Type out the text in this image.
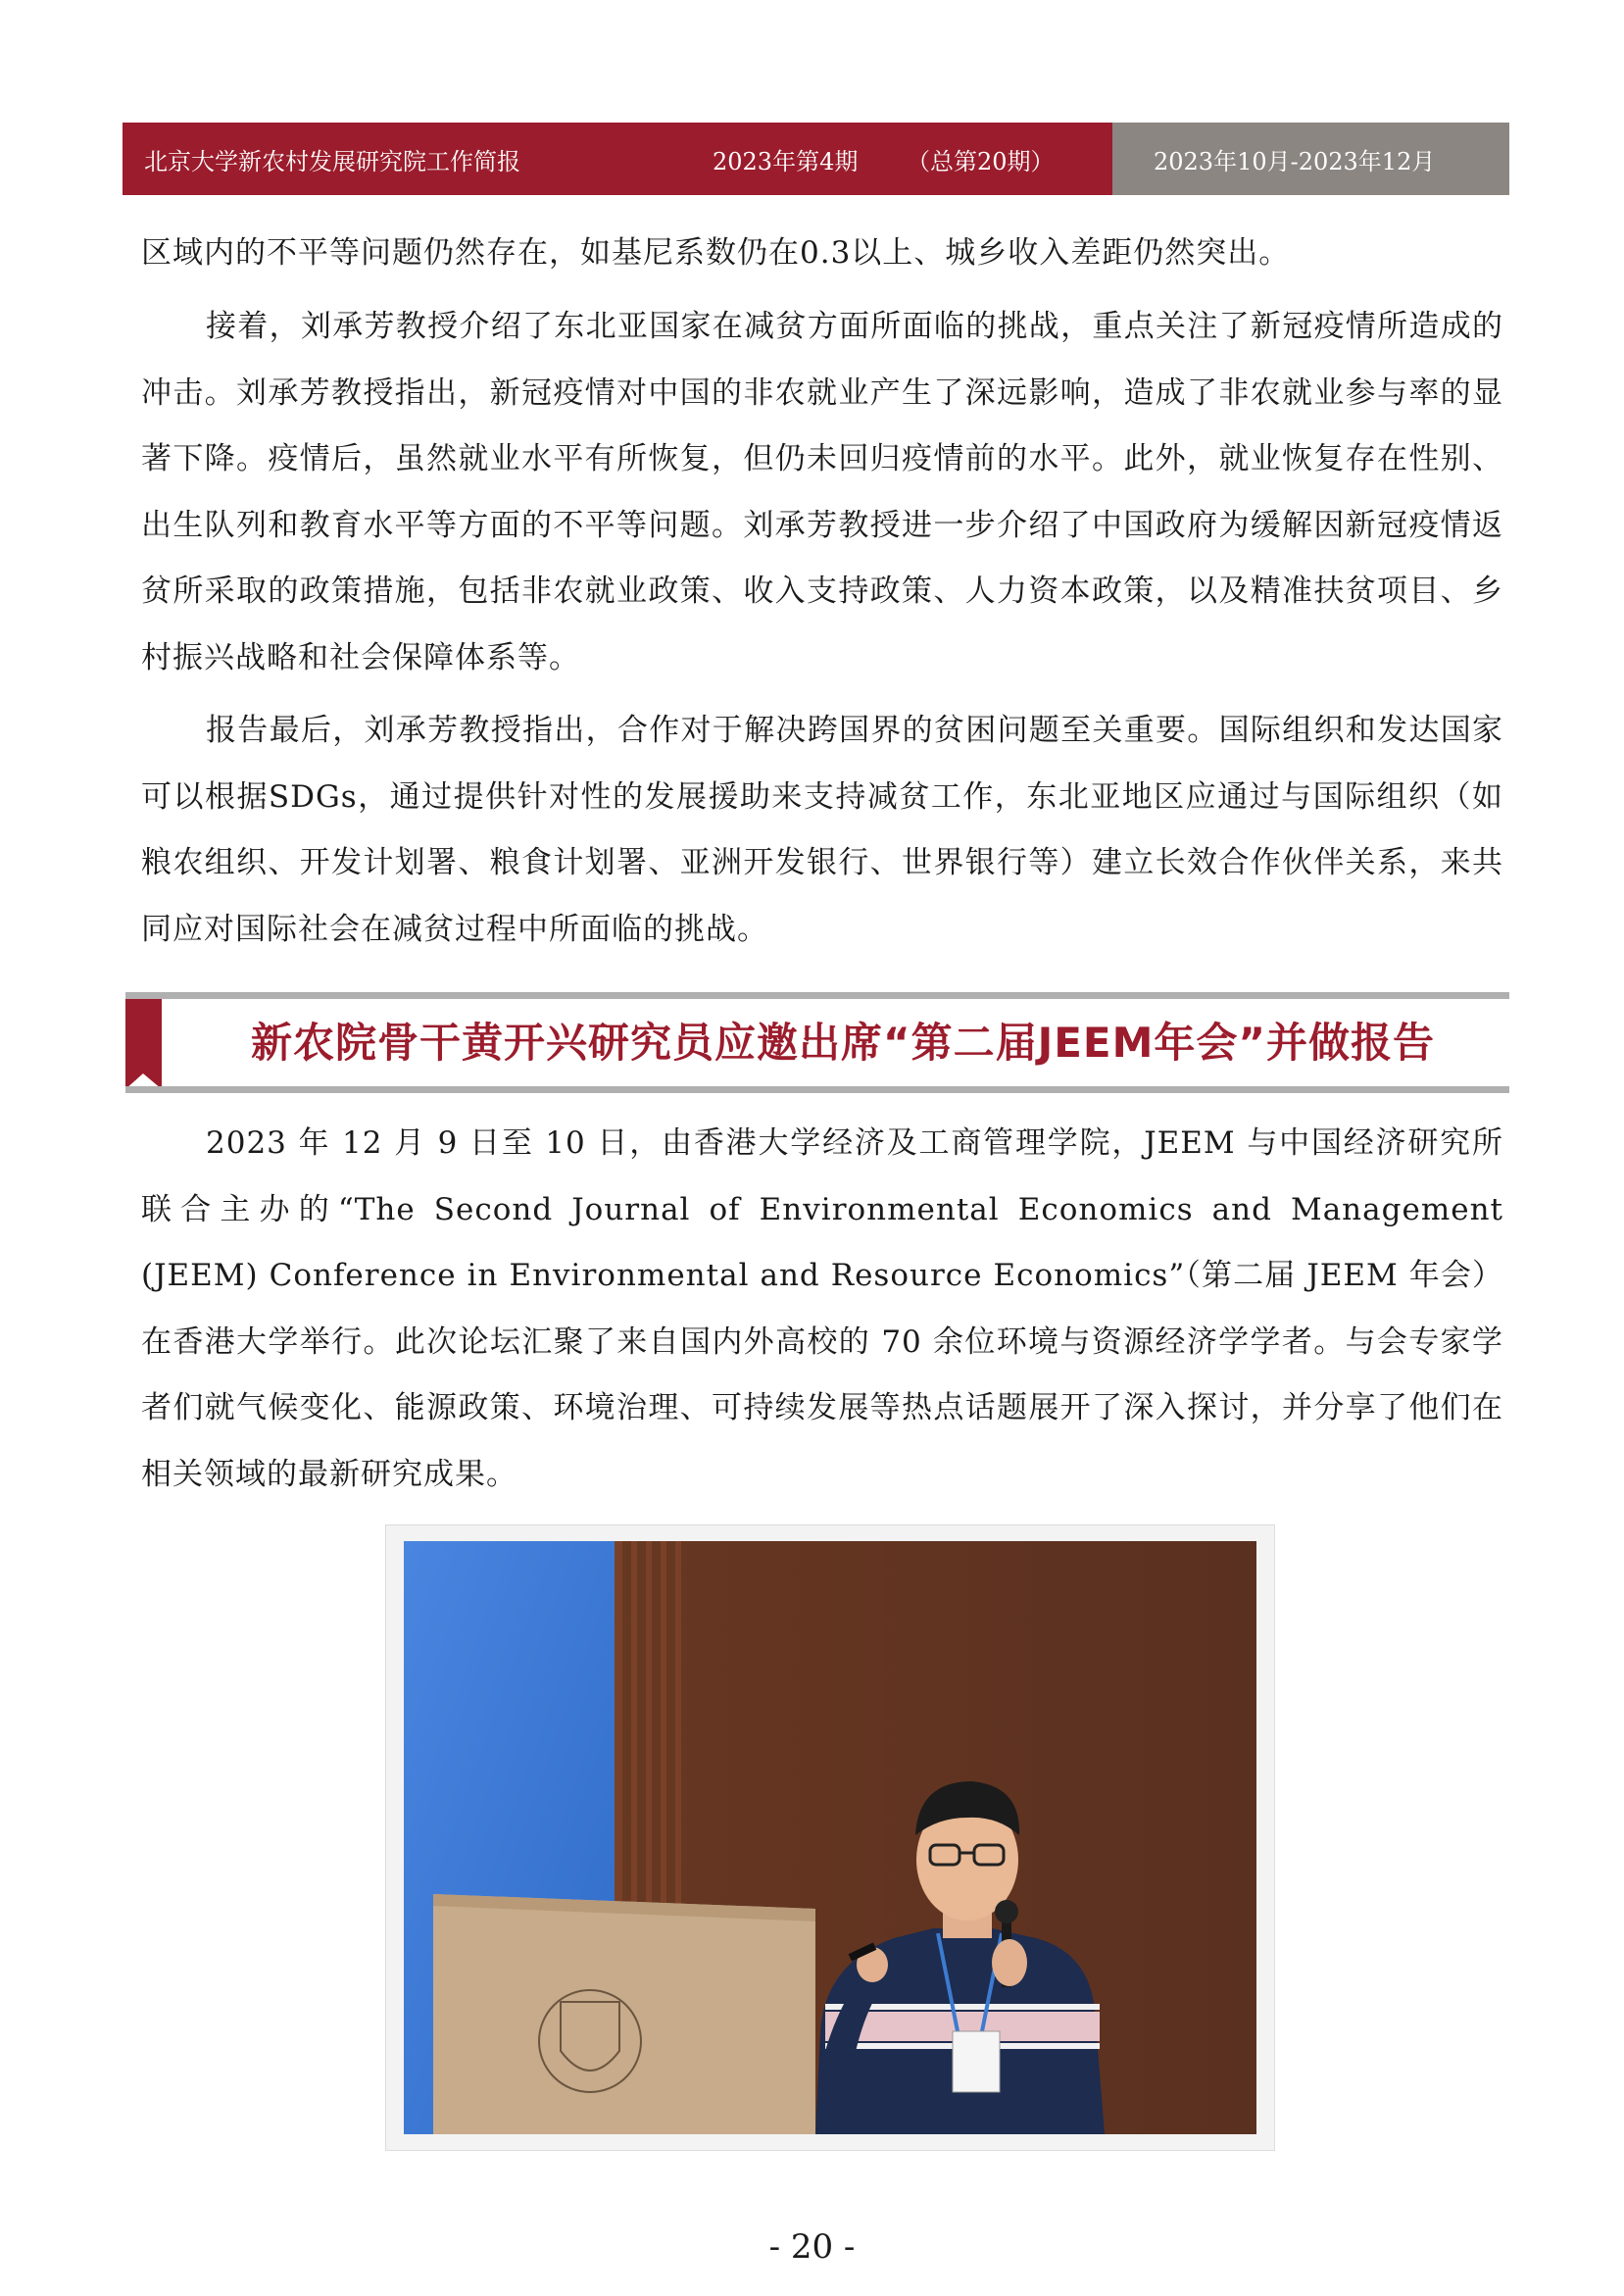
北京大学新农村发展研究院工作简报	2023年第4期	（总第20期）	2023年10月-2023年12月
区域内的不平等问题仍然存在，如基尼系数仍在0.3以上、城乡收入差距仍然突出。
接着，刘承芳教授介绍了东北亚国家在减贫方面所面临的挑战，重点关注了新冠疫情所造成的冲击。刘承芳教授指出，新冠疫情对中国的非农就业产生了深远影响，造成了非农就业参与率的显著下降。疫情后，虽然就业水平有所恢复，但仍未回归疫情前的水平。此外，就业恢复存在性别、出生队列和教育水平等方面的不平等问题。刘承芳教授进一步介绍了中国政府为缓解因新冠疫情返贫所采取的政策措施，包括非农就业政策、收入支持政策、人力资本政策，以及精准扶贫项目、乡村振兴战略和社会保障体系等。
报告最后，刘承芳教授指出，合作对于解决跨国界的贫困问题至关重要。国际组织和发达国家可以根据SDGs，通过提供针对性的发展援助来支持减贫工作，东北亚地区应通过与国际组织（如粮农组织、开发计划署、粮食计划署、亚洲开发银行、世界银行等）建立长效合作伙伴关系，来共同应对国际社会在减贫过程中所面临的挑战。
新农院骨干黄开兴研究员应邀出席“第二届JEEM年会”并做报告
2023 年 12 月 9 日至 10 日，由香港大学经济及工商管理学院，JEEM 与中国经济研究所联合主办的“The Second Journal of Environmental Economics and Management (JEEM) Conference in Environmental and Resource Economics”（第二届 JEEM 年会）在香港大学举行。此次论坛汇聚了来自国内外高校的 70 余位环境与资源经济学学者。与会专家学者们就气候变化、能源政策、环境治理、可持续发展等热点话题展开了深入探讨，并分享了他们在相关领域的最新研究成果。
- 20 -
